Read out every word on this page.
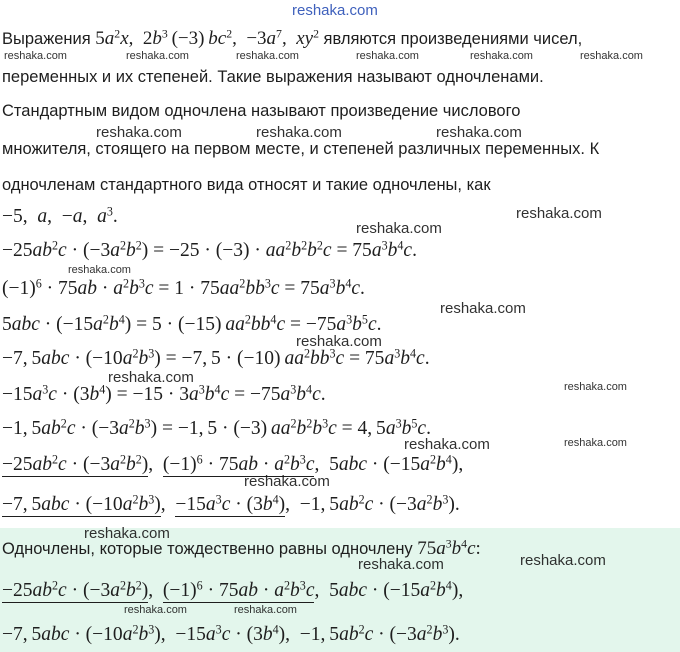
reshaka.com
Выражения $5a^2x$,  $2b^3$ (−3) $bc^2$,  $-3a^7$,  $xy^2$ являются произведениями чисел,
reshaka.com	reshaka.com	reshaka.com	reshaka.com	reshaka.com	reshaka.com
переменных и их степеней. Такие выражения называют одночленами.
Стандартным видом одночлена называют произведение числового
reshaka.com	reshaka.com	reshaka.com
множителя, стоящего на первом месте, и степеней различных переменных. К
одночленам стандартного вида относят и такие одночлены, как
−5,  a,  −a,  $a^3$.	reshaka.com
reshaka.com
$-25ab^2c \cdot (-3a^2b^2) = -25 \cdot (-3) \cdot aa^2b^2b^2c = 75a^3b^4c$.
reshaka.com
$(-1)^6 \cdot 75ab \cdot a^2b^3c = 1 \cdot 75aa^2bb^3c = 75a^3b^4c$.
reshaka.com
$5abc \cdot (-15a^2b^4) = 5 \cdot (-15) aa^2bb^4c = -75a^3b^5c$.
reshaka.com
−7, $5abc \cdot (-10a^2b^3) = -7$, 5 · (−10) $aa^2bb^3c = 75a^3b^4c$.
reshaka.com
reshaka.com
$-15a^3c \cdot (3b^4) = -15 \cdot 3a^3b^4c = -75a^3b^4c$.
−1, $5ab^2c \cdot (-3a^2b^3) = -1$, 5 · (−3) $aa^2b^2b^3c = 4$, $5a^3b^5c$.
reshaka.com	reshaka.com
$-25ab^2c \cdot (-3a^2b^2)$,  $(-1)^6 \cdot 75ab \cdot a^2b^3c$,  $5abc \cdot (-15a^2b^4)$,
reshaka.com
−7, $5abc \cdot (-10a^2b^3)$,  $-15a^3c \cdot (3b^4)$,  −1, $5ab^2c \cdot (-3a^2b^3)$.
reshaka.com
Одночлены, которые тождественно равны одночлену $75a^3b^4c$:
reshaka.com	reshaka.com
$-25ab^2c \cdot (-3a^2b^2)$,  $(-1)^6 \cdot 75ab \cdot a^2b^3c$,  $5abc \cdot (-15a^2b^4)$,
reshaka.com	reshaka.com
−7, $5abc \cdot (-10a^2b^3)$,  $-15a^3c \cdot (3b^4)$,  −1, $5ab^2c \cdot (-3a^2b^3)$.
